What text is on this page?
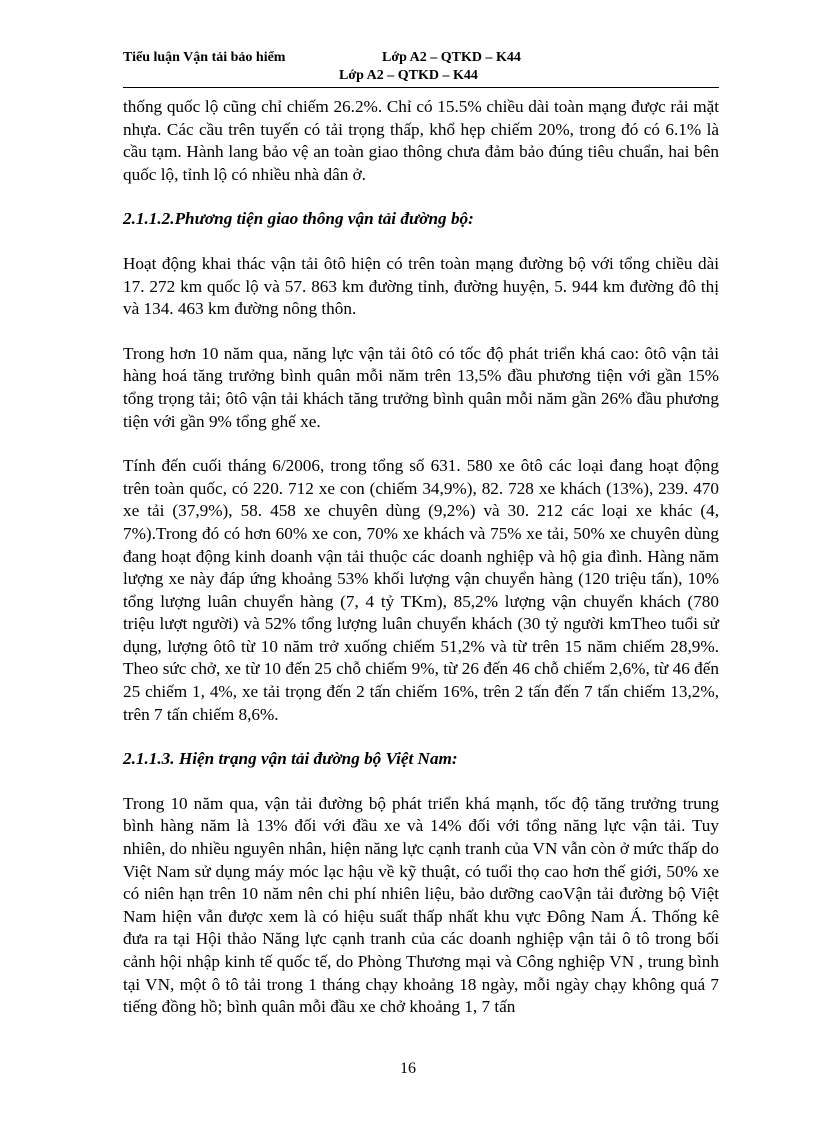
Tiểu luận Vận tải bảo hiểm	Lớp A2 – QTKD – K44
Lớp A2 – QTKD – K44

thống quốc lộ cũng chỉ chiếm 26.2%. Chỉ có 15.5% chiều dài toàn mạng được rải mặt nhựa. Các cầu trên tuyến có tải trọng thấp, khổ hẹp chiếm 20%, trong đó có 6.1% là cầu tạm. Hành lang bảo vệ an toàn giao thông chưa đảm bảo đúng tiêu chuẩn, hai bên quốc lộ, tỉnh lộ có nhiều nhà dân ở.

2.1.1.2.Phương tiện giao thông vận tải đường bộ:

Hoạt động khai thác vận tải ôtô hiện có trên toàn mạng đường bộ với tổng chiều dài 17. 272 km quốc lộ và 57. 863 km đường tỉnh, đường huyện, 5. 944 km đường đô thị và 134. 463 km đường nông thôn.

Trong hơn 10 năm qua, năng lực vận tải ôtô có tốc độ phát triển khá cao: ôtô vận tải hàng hoá tăng trưởng bình quân mỗi năm trên 13,5% đầu phương tiện với gần 15% tổng trọng tải; ôtô vận tải khách tăng trưởng bình quân mỗi năm gần 26% đầu phương tiện với gần 9% tổng ghế xe.

Tính đến cuối tháng 6/2006, trong tổng số 631. 580 xe ôtô các loại đang hoạt động trên toàn quốc, có 220. 712 xe con (chiếm 34,9%), 82. 728 xe khách (13%), 239. 470 xe tải (37,9%), 58. 458 xe chuyên dùng (9,2%) và 30. 212 các loại xe khác (4, 7%).Trong đó có hơn 60% xe con, 70% xe khách và 75% xe tải, 50% xe chuyên dùng đang hoạt động kinh doanh vận tải thuộc các doanh nghiệp và hộ gia đình. Hàng năm lượng xe này đáp ứng khoảng 53% khối lượng vận chuyển hàng (120 triệu tấn), 10% tổng lượng luân chuyển hàng (7, 4 tỷ TKm), 85,2% lượng vận chuyển khách (780 triệu lượt người) và 52% tổng lượng luân chuyển khách (30 tỷ người kmTheo tuổi sử dụng, lượng ôtô từ 10 năm trở xuống chiếm 51,2% và từ trên 15 năm chiếm 28,9%. Theo sức chở, xe từ 10 đến 25 chỗ chiếm 9%, từ 26 đến 46 chỗ chiếm 2,6%, từ 46 đến 25 chiếm 1, 4%, xe tải trọng đến 2 tấn chiếm 16%, trên 2 tấn đến 7 tấn chiếm 13,2%, trên 7 tấn chiếm 8,6%.

2.1.1.3. Hiện trạng vận tải đường bộ Việt Nam:

Trong 10 năm qua, vận tải đường bộ phát triển khá mạnh, tốc độ tăng trưởng trung bình hàng năm là 13% đối với đầu xe và 14% đối với tổng năng lực vận tải. Tuy nhiên, do nhiều nguyên nhân, hiện năng lực cạnh tranh của VN vẫn còn ở mức thấp do Việt Nam sử dụng máy móc lạc hậu về kỹ thuật, có tuổi thọ cao hơn thế giới, 50% xe có niên hạn trên 10 năm nên chi phí nhiên liệu, bảo dưỡng caoVận tải đường bộ Việt Nam hiện vẫn được xem là có hiệu suất thấp nhất khu vực Đông Nam Á. Thống kê đưa ra tại Hội thảo Năng lực cạnh tranh của các doanh nghiệp vận tải ô tô trong bối cảnh hội nhập kinh tế quốc tế, do Phòng Thương mại và Công nghiệp VN , trung bình tại VN, một ô tô tải trong 1 tháng chạy khoảng 18 ngày, mỗi ngày chạy không quá 7 tiếng đồng hồ; bình quân mỗi đầu xe chở khoảng 1, 7 tấn

16
